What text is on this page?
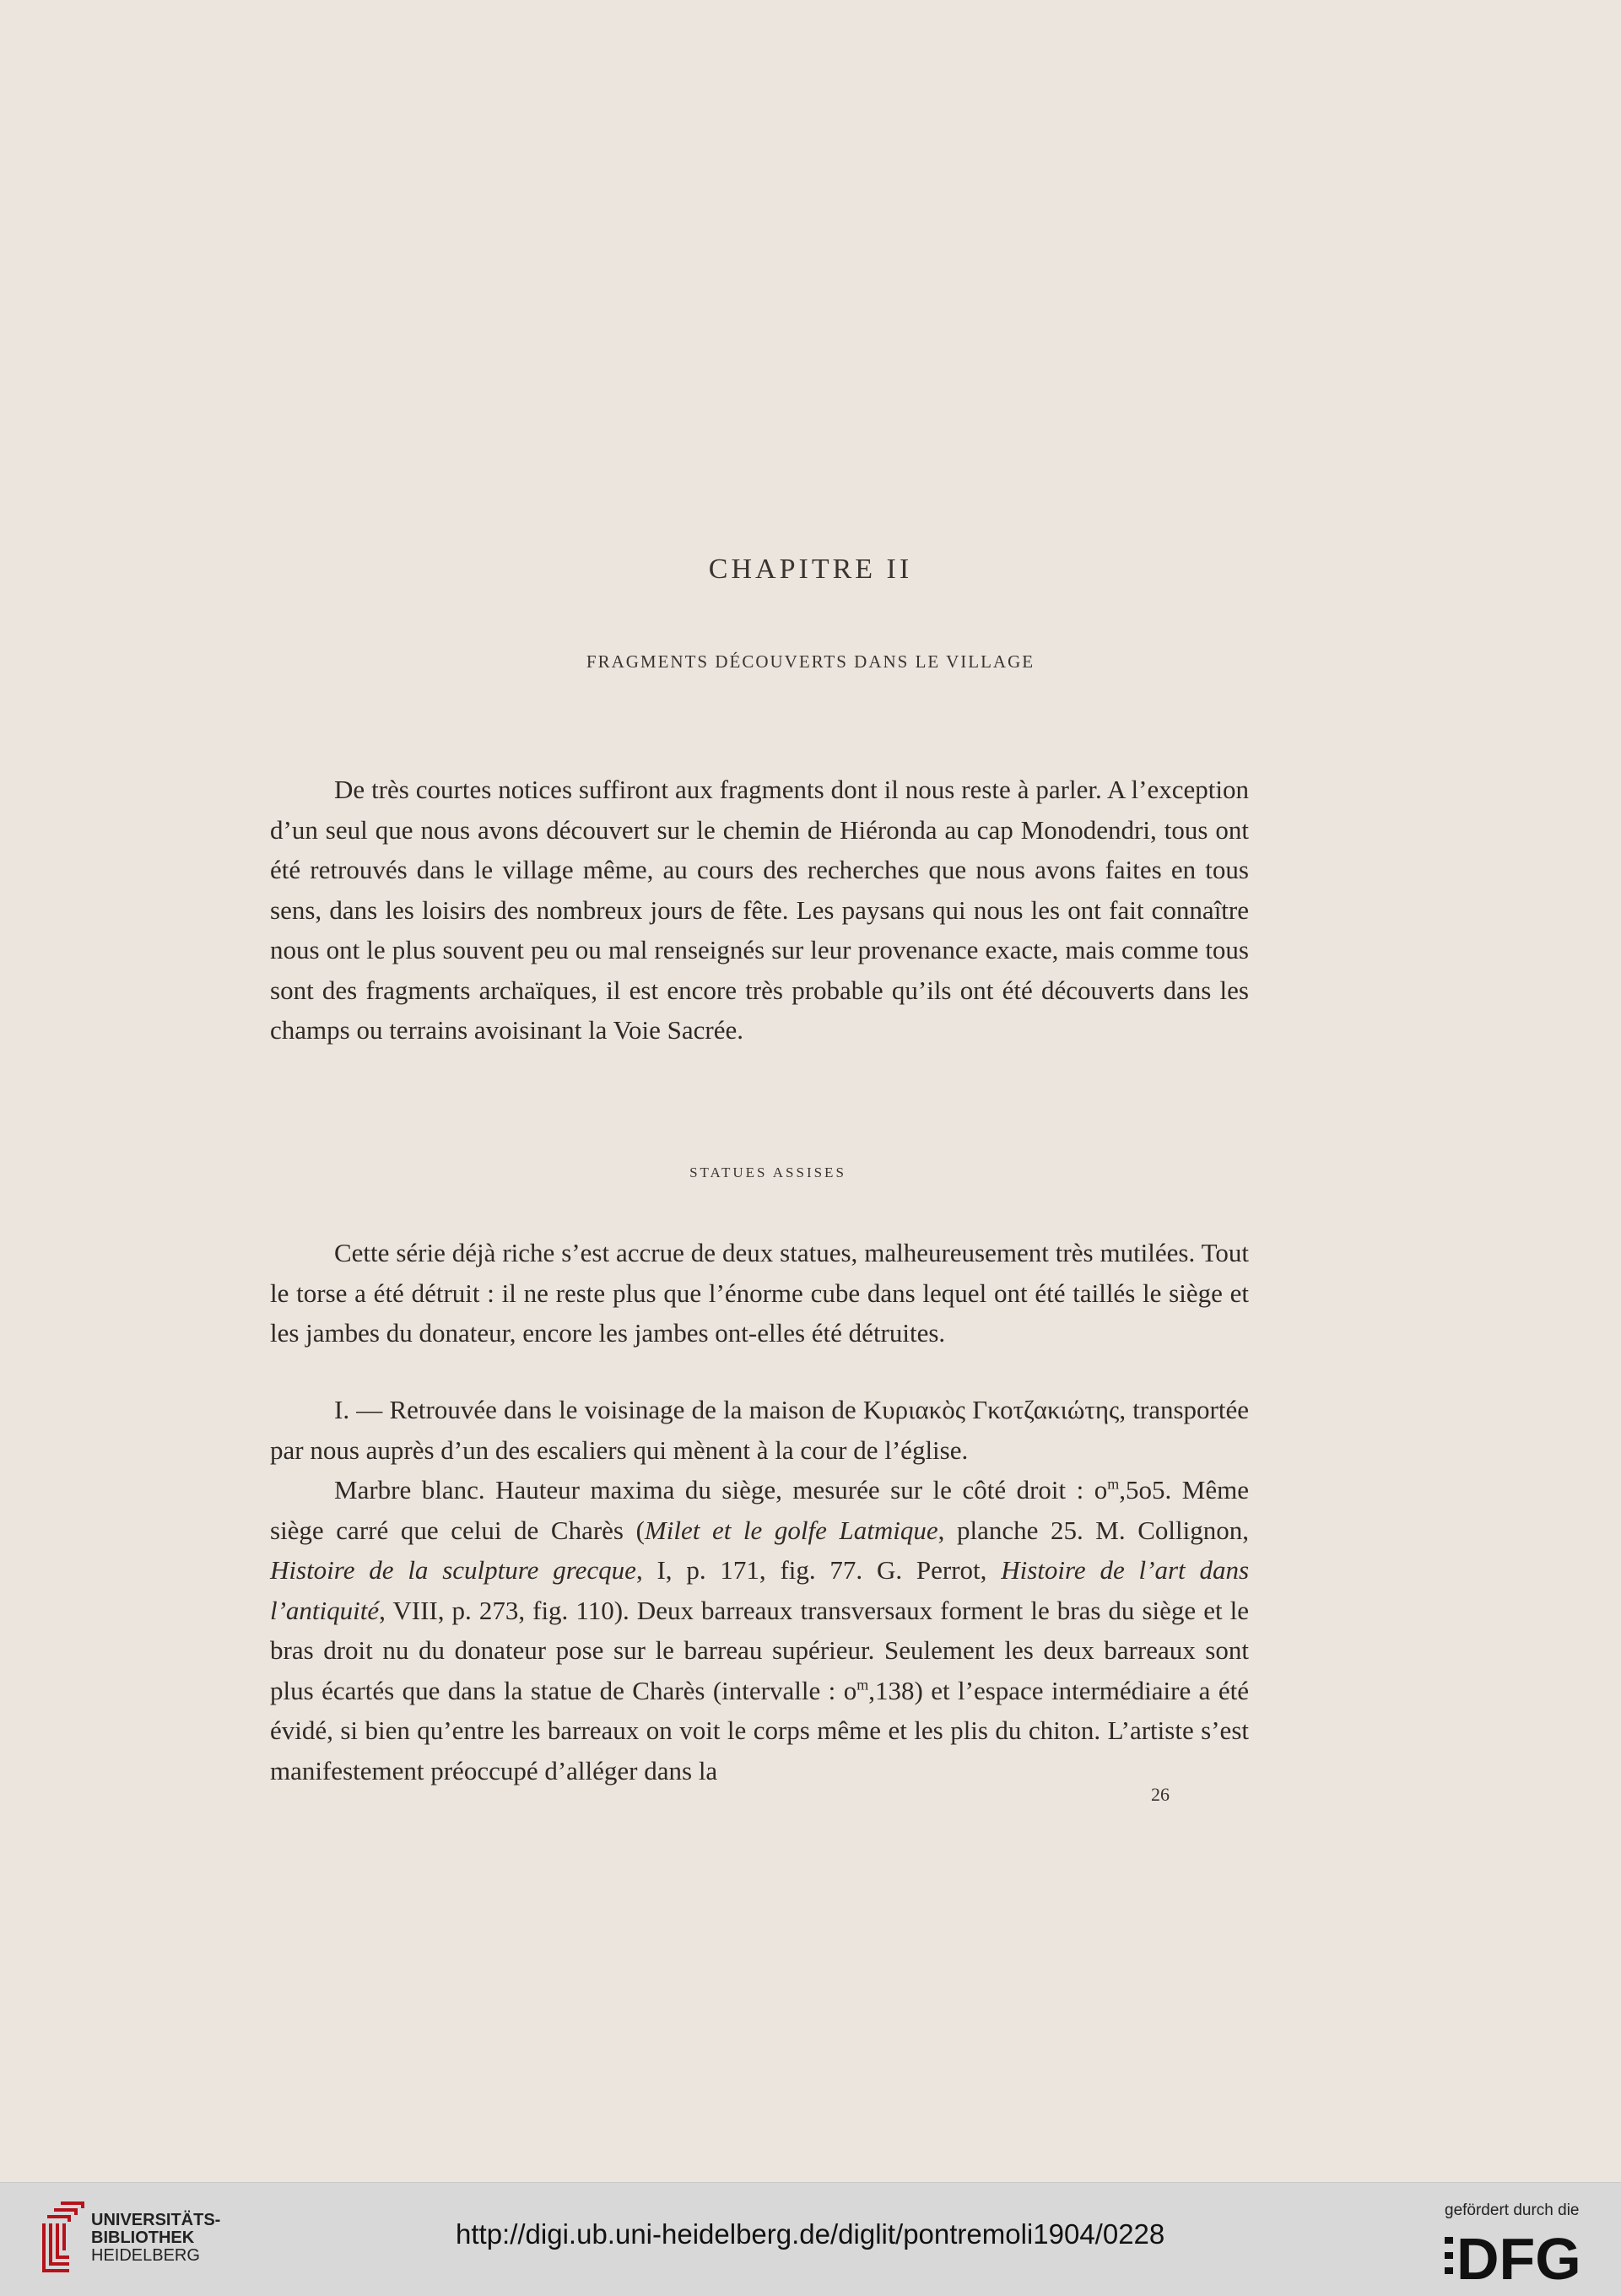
CHAPITRE II
FRAGMENTS DÉCOUVERTS DANS LE VILLAGE

De très courtes notices suffiront aux fragments dont il nous reste à parler. A l’exception d’un seul que nous avons découvert sur le chemin de Hiéronda au cap Monodendri, tous ont été retrouvés dans le village même, au cours des recherches que nous avons faites en tous sens, dans les loisirs des nombreux jours de fête. Les paysans qui nous les ont fait connaître nous ont le plus souvent peu ou mal renseignés sur leur provenance exacte, mais comme tous sont des fragments archaïques, il est encore très probable qu’ils ont été découverts dans les champs ou terrains avoisinant la Voie Sacrée.

STATUES ASSISES

Cette série déjà riche s’est accrue de deux statues, malheureusement très mutilées. Tout le torse a été détruit : il ne reste plus que l’énorme cube dans lequel ont été taillés le siège et les jambes du donateur, encore les jambes ont-elles été détruites.

I. — Retrouvée dans le voisinage de la maison de Κυριακὸς Γκοτζακιώτης, transportée par nous auprès d’un des escaliers qui mènent à la cour de l’église.

Marbre blanc. Hauteur maxima du siège, mesurée sur le côté droit : $o^m,5o5$. Même siège carré que celui de Charès (Milet et le golfe Latmique, planche 25. M. Collignon, Histoire de la sculpture grecque, I, p. 171, fig. 77. G. Perrot, Histoire de l’art dans l’antiquité, VIII, p. 273, fig. 110). Deux barreaux transversaux forment le bras du siège et le bras droit nu du donateur pose sur le barreau supérieur. Seulement les deux barreaux sont plus écartés que dans la statue de Charès (intervalle : $o^m,138$) et l’espace intermédiaire a été évidé, si bien qu’entre les barreaux on voit le corps même et les plis du chiton. L’artiste s’est manifestement préoccupé d’alléger dans la

26
UNIVERSITÄTS-
BIBLIOTHEK
HEIDELBERG
http://digi.ub.uni-heidelberg.de/diglit/pontremoli1904/0228
gefördert durch die
DFG
